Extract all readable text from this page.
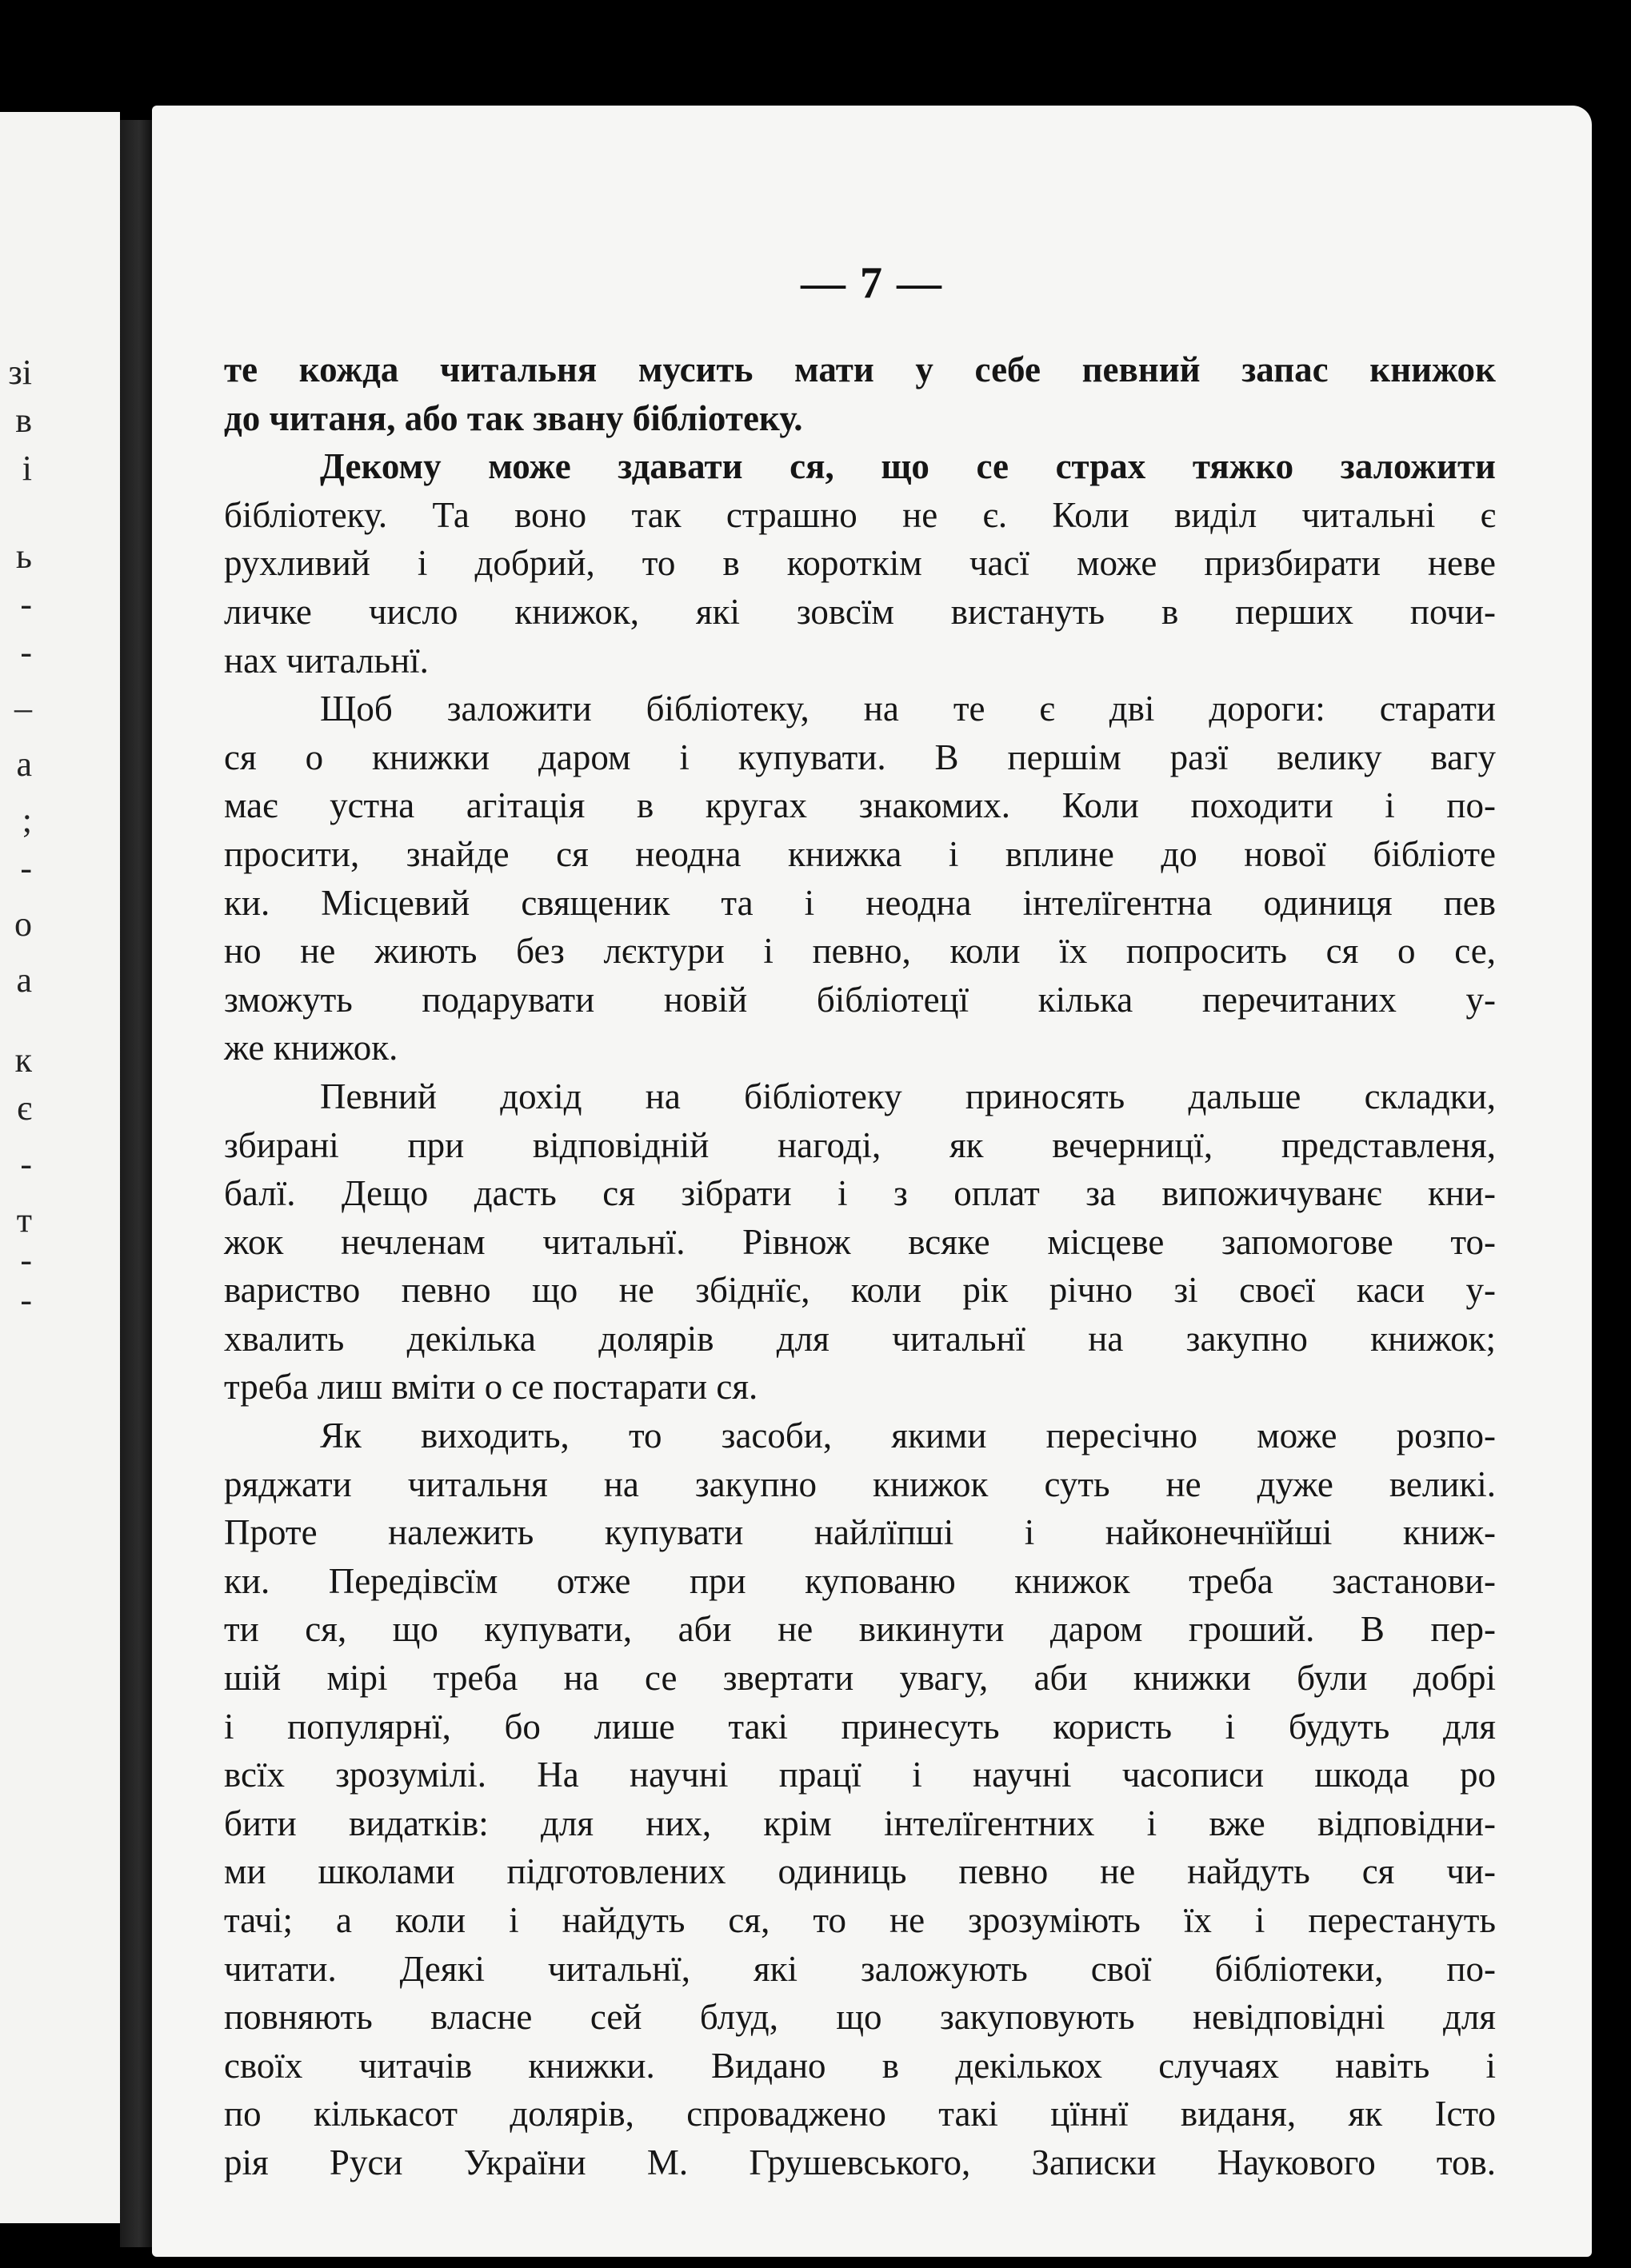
зі
в
і
ь
-
-
–
а
;
-
о
а
к
є
-
т
-
-
— 7 —
те кожда читальня мусить мати у себе певний запас книжок
до читаня, або так звану бібліотеку.
Декому може здавати ся, що се страх тяжко заложити
бібліотеку. Та воно так страшно не є. Коли виділ читальні є
рухливий і добрий, то в короткім часї може призбирати неве
личке число книжок, які зовсїм вистануть в перших почи-
нах читальнї.
Щоб заложити бібліотеку, на те є дві дороги: старати
ся о книжки даром і купувати. В першім разї велику вагу
має устна агітація в кругах знакомих. Коли походити і по-
просити, знайде ся неодна книжка і вплине до нової бібліоте
ки. Місцевий священик та і неодна інтелїгентна одиниця пев
но не жиють без лєктури і певно, коли їх попросить ся о се,
зможуть подарувати новій бібліотецї кілька перечитаних у-
же книжок.
Певний дохід на бібліотеку приносять дальше складки,
збирані при відповідній нагоді, як вечерницї, представленя,
балї. Дещо дасть ся зібрати і з оплат за випожичуванє кни-
жок нечленам читальнї. Рівнож всяке місцеве запомогове то-
вариство певно що не збіднїє, коли рік річно зі своєї каси у-
хвалить декілька долярів для читальнї на закупно книжок;
треба лиш вміти о се постарати ся.
Як виходить, то засоби, якими пересічно може розпо-
ряджати читальня на закупно книжок суть не дуже великі.
Проте належить купувати найлїпші і найконечнїйші книж-
ки. Передівсїм отже при купованю книжок треба застанови-
ти ся, що купувати, аби не викинути даром гроший. В пер-
шій мірі треба на се звертати увагу, аби книжки були добрі
і популярнї, бо лише такі принесуть користь і будуть для
всїх зрозумілі. На научні працї і научні часописи шкода ро
бити видатків: для них, крім інтелїгентних і вже відповідни-
ми школами підготовлених одиниць певно не найдуть ся чи-
тачі; а коли і найдуть ся, то не зрозуміють їх і перестануть
читати. Деякі читальнї, які заложують свої бібліотеки, по-
повняють власне сей блуд, що закуповують невідповідні для
своїх читачів книжки. Видано в декількох случаях навіть і
по кількасот долярів, спроваджено такі цїннї виданя, як Істо
рія Руси України М. Грушевського, Записки Наукового тов.
